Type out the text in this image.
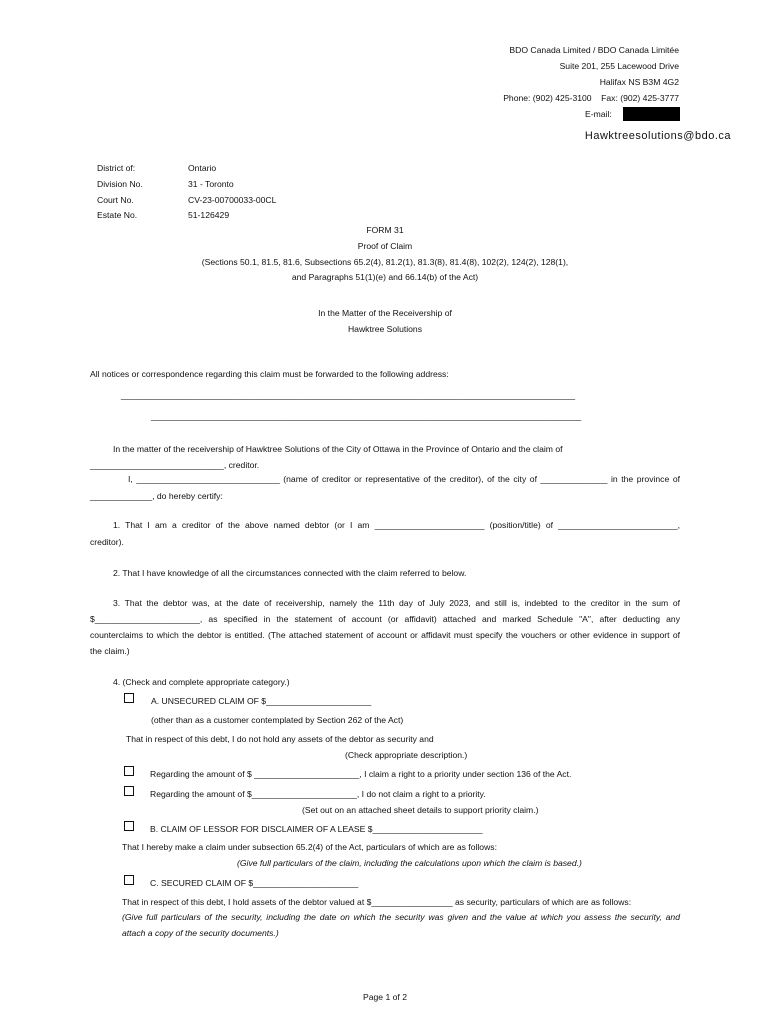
BDO Canada Limited / BDO Canada Limitée
Suite 201, 255 Lacewood Drive
Halifax NS B3M 4G2
Phone: (902) 425-3100    Fax: (902) 425-3777
E-mail:
Hawktreesolutions@bdo.ca
District of:	Ontario
Division No.	31 - Toronto
Court No.	CV-23-00700033-00CL
Estate No.	51-126429
FORM 31
Proof of Claim
(Sections 50.1, 81.5, 81.6, Subsections 65.2(4), 81.2(1), 81.3(8), 81.4(8), 102(2), 124(2), 128(1),
and Paragraphs 51(1)(e) and 66.14(b) of the Act)
In the Matter of the Receivership of
Hawktree Solutions
All notices or correspondence regarding this claim must be forwarded to the following address:
_______________________________________________________________________________________________
__________________________________________________________________________________________
In the matter of the receivership of Hawktree Solutions of the City of Ottawa in the Province of Ontario and the claim of
____________________________, creditor.
I, ______________________________ (name of creditor or representative of the creditor), of the city of ______________ in the province of
_____________, do hereby certify:
1. That I am a creditor of the above named debtor (or I am _______________________ (position/title) of _________________________,
creditor).
2. That I have knowledge of all the circumstances connected with the claim referred to below.
3. That the debtor was, at the date of receivership, namely the 11th day of July 2023, and still is, indebted to the creditor in the sum of
$______________________, as specified in the statement of account (or affidavit) attached and marked Schedule "A", after deducting any
counterclaims to which the debtor is entitled. (The attached statement of account or affidavit must specify the vouchers or other evidence in support of
the claim.)
4. (Check and complete appropriate category.)
A. UNSECURED CLAIM OF $______________________
(other than as a customer contemplated by Section 262 of the Act)
That in respect of this debt, I do not hold any assets of the debtor as security and
(Check appropriate description.)
Regarding the amount of $ ______________________, I claim a right to a priority under section 136 of the Act.
Regarding the amount of $______________________, I do not claim a right to a priority.
(Set out on an attached sheet details to support priority claim.)
B. CLAIM OF LESSOR FOR DISCLAIMER OF A LEASE $_______________________
That I hereby make a claim under subsection 65.2(4) of the Act, particulars of which are as follows:
(Give full particulars of the claim, including the calculations upon which the claim is based.)
C. SECURED CLAIM OF $______________________
That in respect of this debt, I hold assets of the debtor valued at $_________________ as security, particulars of which are as follows:
(Give full particulars of the security, including the date on which the security was given and the value at which you assess the security, and
attach a copy of the security documents.)
Page 1 of 2
